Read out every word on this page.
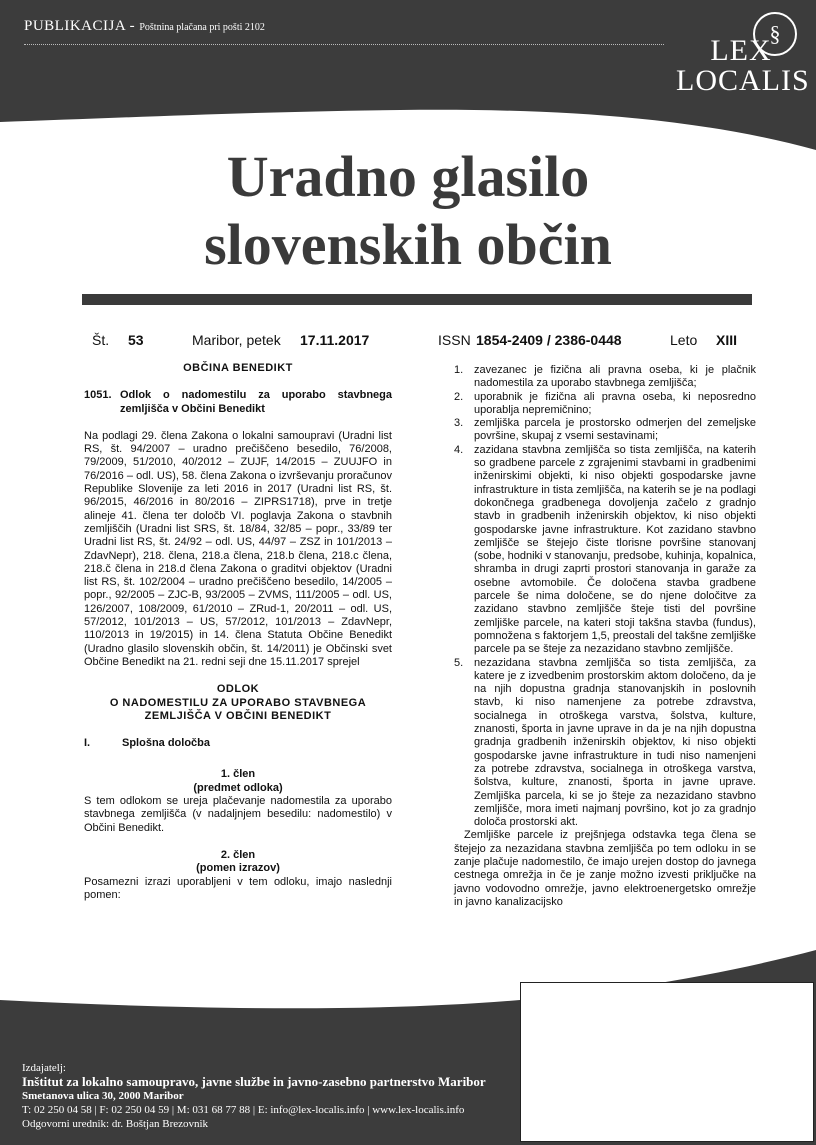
PUBLIKACIJA - Poštnina plačana pri pošti 2102	§
LEX
LOCALIS
Uradno glasilo
slovenskih občin
Št. 53	Maribor, petek 17.11.2017	ISSN 1854-2409 / 2386-0448	Leto XIII
OBČINA BENEDIKT
1051. Odlok o nadomestilu za uporabo stavbnega zemljišča v Občini Benedikt
Na podlagi 29. člena Zakona o lokalni samoupravi (Uradni list RS, št. 94/2007 – uradno prečiščeno besedilo, 76/2008, 79/2009, 51/2010, 40/2012 – ZUJF, 14/2015 – ZUUJFO in 76/2016 – odl. US), 58. člena Zakona o izvrševanju proračunov Republike Slovenije za leti 2016 in 2017 (Uradni list RS, št. 96/2015, 46/2016 in 80/2016 – ZIPRS1718), prve in tretje alineje 41. člena ter določb VI. poglavja Zakona o stavbnih zemljiščih (Uradni list SRS, št. 18/84, 32/85 – popr., 33/89 ter Uradni list RS, št. 24/92 – odl. US, 44/97 – ZSZ in 101/2013 – ZdavNepr), 218. člena, 218.a člena, 218.b člena, 218.c člena, 218.č člena in 218.d člena Zakona o graditvi objektov (Uradni list RS, št. 102/2004 – uradno prečiščeno besedilo, 14/2005 – popr., 92/2005 – ZJC-B, 93/2005 – ZVMS, 111/2005 – odl. US, 126/2007, 108/2009, 61/2010 – ZRud-1, 20/2011 – odl. US, 57/2012, 101/2013 – US, 57/2012, 101/2013 – ZdavNepr, 110/2013 in 19/2015) in 14. člena Statuta Občine Benedikt (Uradno glasilo slovenskih občin, št. 14/2011) je Občinski svet Občine Benedikt na 21. redni seji dne 15.11.2017 sprejel
ODLOK
O NADOMESTILU ZA UPORABO STAVBNEGA
ZEMLJIŠČA V OBČINI BENEDIKT
I.	Splošna določba
1. člen
(predmet odloka)
S tem odlokom se ureja plačevanje nadomestila za uporabo stavbnega zemljišča (v nadaljnjem besedilu: nadomestilo) v Občini Benedikt.
2. člen
(pomen izrazov)
Posamezni izrazi uporabljeni v tem odloku, imajo naslednji pomen:
1. zavezanec je fizična ali pravna oseba, ki je plačnik nadomestila za uporabo stavbnega zemljišča;
2. uporabnik je fizična ali pravna oseba, ki neposredno uporablja nepremičnino;
3. zemljiška parcela je prostorsko odmerjen del zemeljske površine, skupaj z vsemi sestavinami;
4. zazidana stavbna zemljišča so tista zemljišča, na katerih so gradbene parcele z zgrajenimi stavbami in gradbenimi inženirskimi objekti, ki niso objekti gospodarske javne infrastrukture in tista zemljišča, na katerih se je na podlagi dokončnega gradbenega dovoljenja začelo z gradnjo stavb in gradbenih inženirskih objektov, ki niso objekti gospodarske javne infrastrukture. Kot zazidano stavbno zemljišče se štejejo čiste tlorisne površine stanovanj (sobe, hodniki v stanovanju, predsobe, kuhinja, kopalnica, shramba in drugi zaprti prostori stanovanja in garaže za osebne avtomobile. Če določena stavba gradbene parcele še nima določene, se do njene določitve za zazidano stavbno zemljišče šteje tisti del površine zemljiške parcele, na kateri stoji takšna stavba (fundus), pomnožena s faktorjem 1,5, preostali del takšne zemljiške parcele pa se šteje za nezazidano stavbno zemljišče.
5. nezazidana stavbna zemljišča so tista zemljišča, za katere je z izvedbenim prostorskim aktom določeno, da je na njih dopustna gradnja stanovanjskih in poslovnih stavb, ki niso namenjene za potrebe zdravstva, socialnega in otroškega varstva, šolstva, kulture, znanosti, športa in javne uprave in da je na njih dopustna gradnja gradbenih inženirskih objektov, ki niso objekti gospodarske javne infrastrukture in tudi niso namenjeni za potrebe zdravstva, socialnega in otroškega varstva, šolstva, kulture, znanosti, športa in javne uprave. Zemljiška parcela, ki se jo šteje za nezazidano stavbno zemljišče, mora imeti najmanj površino, kot jo za gradnjo določa prostorski akt.
Zemljiške parcele iz prejšnjega odstavka tega člena se štejejo za nezazidana stavbna zemljišča po tem odloku in se zanje plačuje nadomestilo, če imajo urejen dostop do javnega cestnega omrežja in če je zanje možno izvesti priključke na javno vodovodno omrežje, javno elektroenergetsko omrežje in javno kanalizacijsko
Izdajatelj:
Inštitut za lokalno samoupravo, javne službe in javno-zasebno partnerstvo Maribor
Smetanova ulica 30, 2000 Maribor
T: 02 250 04 58 | F: 02 250 04 59 | M: 031 68 77 88 | E: info@lex-localis.info | www.lex-localis.info
Odgovorni urednik: dr. Boštjan Brezovnik
